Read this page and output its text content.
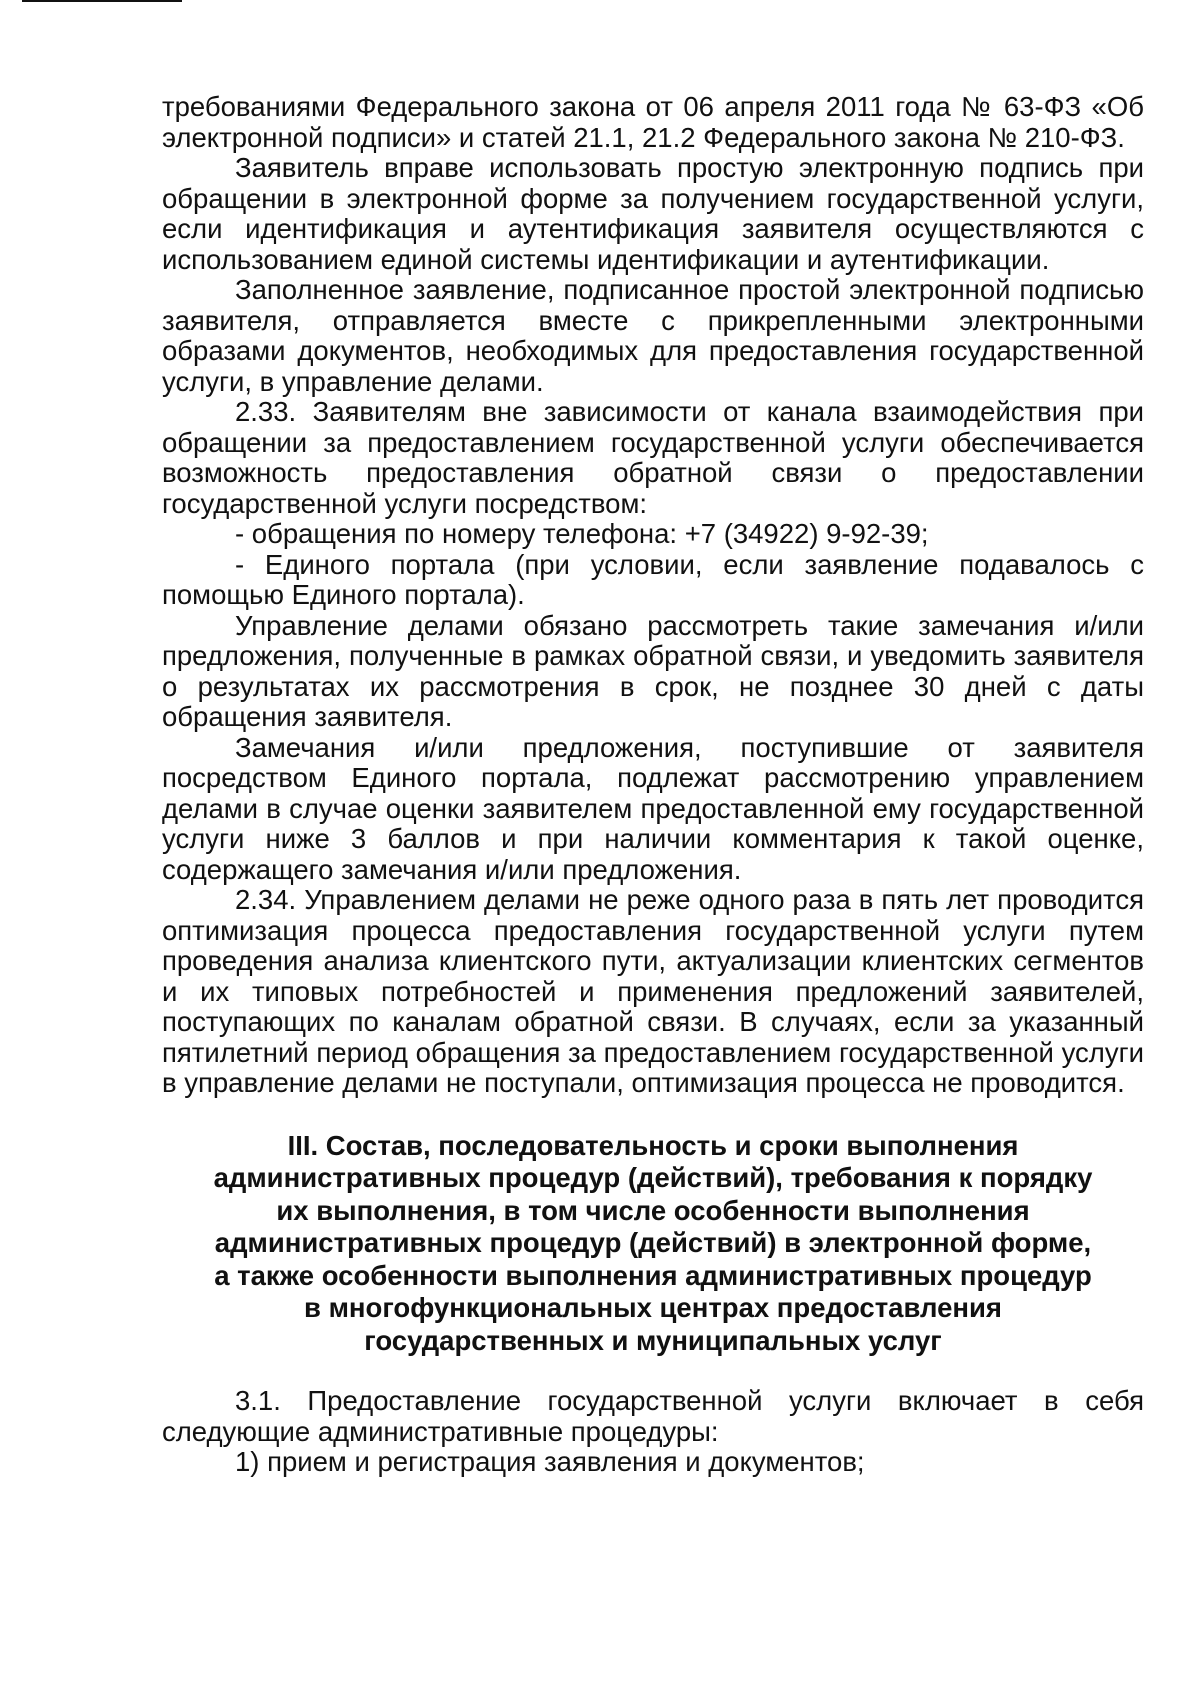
требованиями Федерального закона от 06 апреля 2011 года № 63-ФЗ «Об электронной подписи» и статей 21.1, 21.2 Федерального закона № 210-ФЗ.

Заявитель вправе использовать простую электронную подпись при обращении в электронной форме за получением государственной услуги, если идентификация и аутентификация заявителя осуществляются с использованием единой системы идентификации и аутентификации.

Заполненное заявление, подписанное простой электронной подписью заявителя, отправляется вместе с прикрепленными электронными образами документов, необходимых для предоставления государственной услуги, в управление делами.

2.33. Заявителям вне зависимости от канала взаимодействия при обращении за предоставлением государственной услуги обеспечивается возможность предоставления обратной связи о предоставлении государственной услуги посредством:

- обращения по номеру телефона: +7 (34922) 9-92-39;

- Единого портала (при условии, если заявление подавалось с помощью Единого портала).

Управление делами обязано рассмотреть такие замечания и/или предложения, полученные в рамках обратной связи, и уведомить заявителя о результатах их рассмотрения в срок, не позднее 30 дней с даты обращения заявителя.

Замечания и/или предложения, поступившие от заявителя посредством Единого портала, подлежат рассмотрению управлением делами в случае оценки заявителем предоставленной ему государственной услуги ниже 3 баллов и при наличии комментария к такой оценке, содержащего замечания и/или предложения.

2.34. Управлением делами не реже одного раза в пять лет проводится оптимизация процесса предоставления государственной услуги путем проведения анализа клиентского пути, актуализации клиентских сегментов и их типовых потребностей и применения предложений заявителей, поступающих по каналам обратной связи. В случаях, если за указанный пятилетний период обращения за предоставлением государственной услуги в управление делами не поступали, оптимизация процесса не проводится.

III. Состав, последовательность и сроки выполнения
административных процедур (действий), требования к порядку
их выполнения, в том числе особенности выполнения
административных процедур (действий) в электронной форме,
а также особенности выполнения административных процедур
в многофункциональных центрах предоставления
государственных и муниципальных услуг

3.1. Предоставление государственной услуги включает в себя следующие административные процедуры:

1) прием и регистрация заявления и документов;
